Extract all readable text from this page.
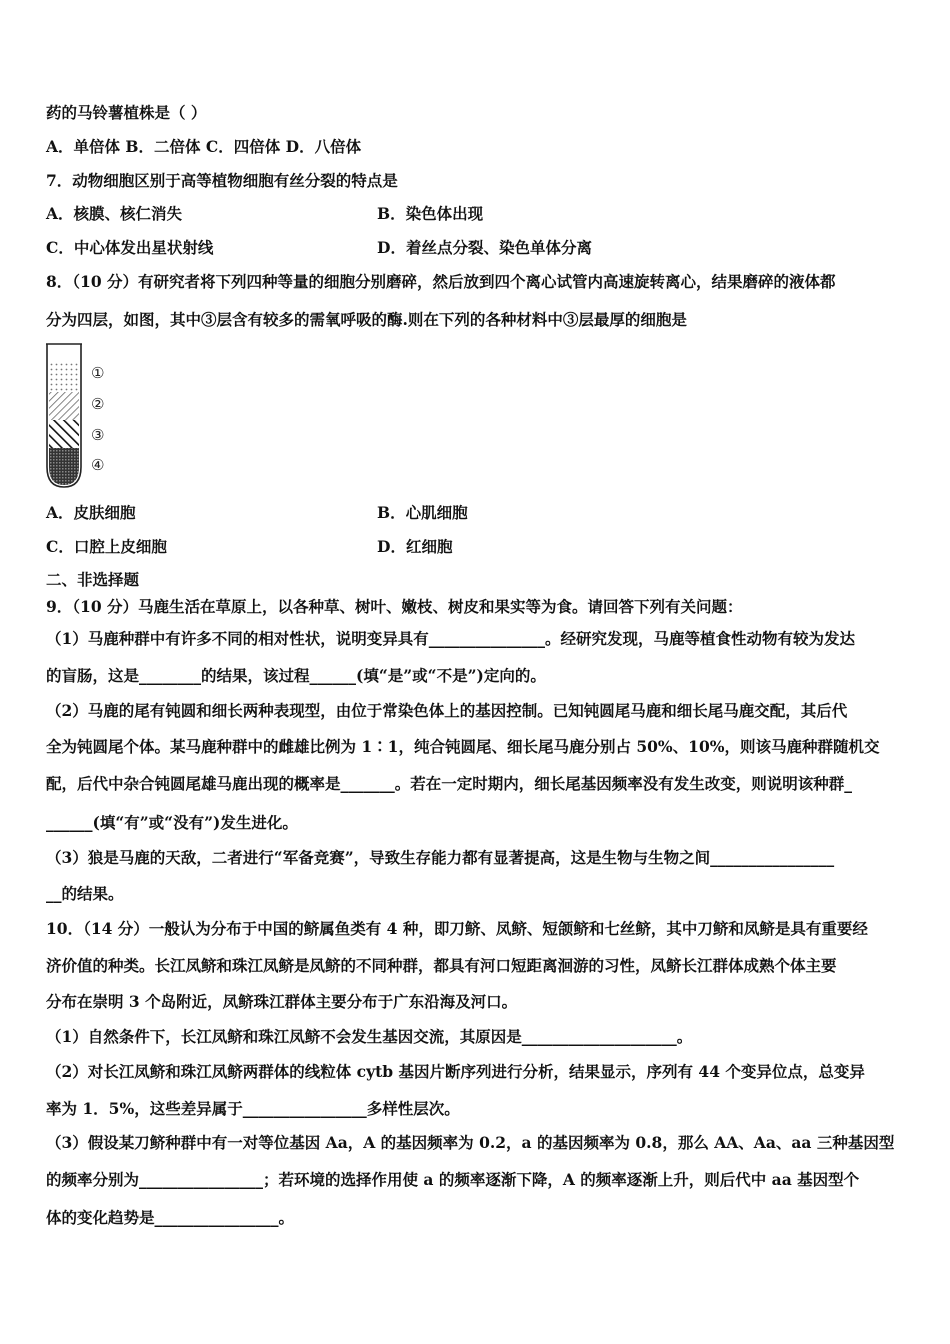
药的马铃薯植株是（ ）
A．单倍体 B．二倍体 C．四倍体 D．八倍体
7．动物细胞区别于高等植物细胞有丝分裂的特点是
A．核膜、核仁消失	B．染色体出现
C．中心体发出星状射线	D．着丝点分裂、染色单体分离
8．（10 分）有研究者将下列四种等量的细胞分别磨碎，然后放到四个离心试管内高速旋转离心，结果磨碎的液体都
分为四层，如图，其中③层含有较多的需氧呼吸的酶.则在下列的各种材料中③层最厚的细胞是
①
②
③
④
A．皮肤细胞	B．心肌细胞
C．口腔上皮细胞	D．红细胞
二、非选择题
9．（10 分）马鹿生活在草原上，以各种草、树叶、嫩枝、树皮和果实等为食。请回答下列有关问题：
（1）马鹿种群中有许多不同的相对性状，说明变异具有_______________。经研究发现，马鹿等植食性动物有较为发达
的盲肠，这是________的结果，该过程______(填“是”或“不是”)定向的。
（2）马鹿的尾有钝圆和细长两种表现型，由位于常染色体上的基因控制。已知钝圆尾马鹿和细长尾马鹿交配，其后代
全为钝圆尾个体。某马鹿种群中的雌雄比例为 1∶1，纯合钝圆尾、细长尾马鹿分别占 50%、10%，则该马鹿种群随机交
配，后代中杂合钝圆尾雄马鹿出现的概率是_______。若在一定时期内，细长尾基因频率没有发生改变，则说明该种群_
______(填“有”或“没有”)发生进化。
（3）狼是马鹿的天敌，二者进行“军备竞赛”，导致生存能力都有显著提高，这是生物与生物之间________________
__的结果。
10．（14 分）一般认为分布于中国的鲚属鱼类有 4 种，即刀鲚、凤鲚、短颌鲚和七丝鲚，其中刀鲚和凤鲚是具有重要经
济价值的种类。长江凤鲚和珠江凤鲚是凤鲚的不同种群，都具有河口短距离洄游的习性，凤鲚长江群体成熟个体主要
分布在崇明 3 个岛附近，凤鲚珠江群体主要分布于广东沿海及河口。
（1）自然条件下，长江凤鲚和珠江凤鲚不会发生基因交流，其原因是____________________。
（2）对长江凤鲚和珠江凤鲚两群体的线粒体 cytb 基因片断序列进行分析，结果显示，序列有 44 个变异位点，总变异
率为 1．5%，这些差异属于________________多样性层次。
（3）假设某刀鲚种群中有一对等位基因 Aa，A 的基因频率为 0.2，a 的基因频率为 0.8，那么 AA、Aa、aa 三种基因型
的频率分别为________________；若环境的选择作用使 a 的频率逐渐下降，A 的频率逐渐上升，则后代中 aa 基因型个
体的变化趋势是________________。
